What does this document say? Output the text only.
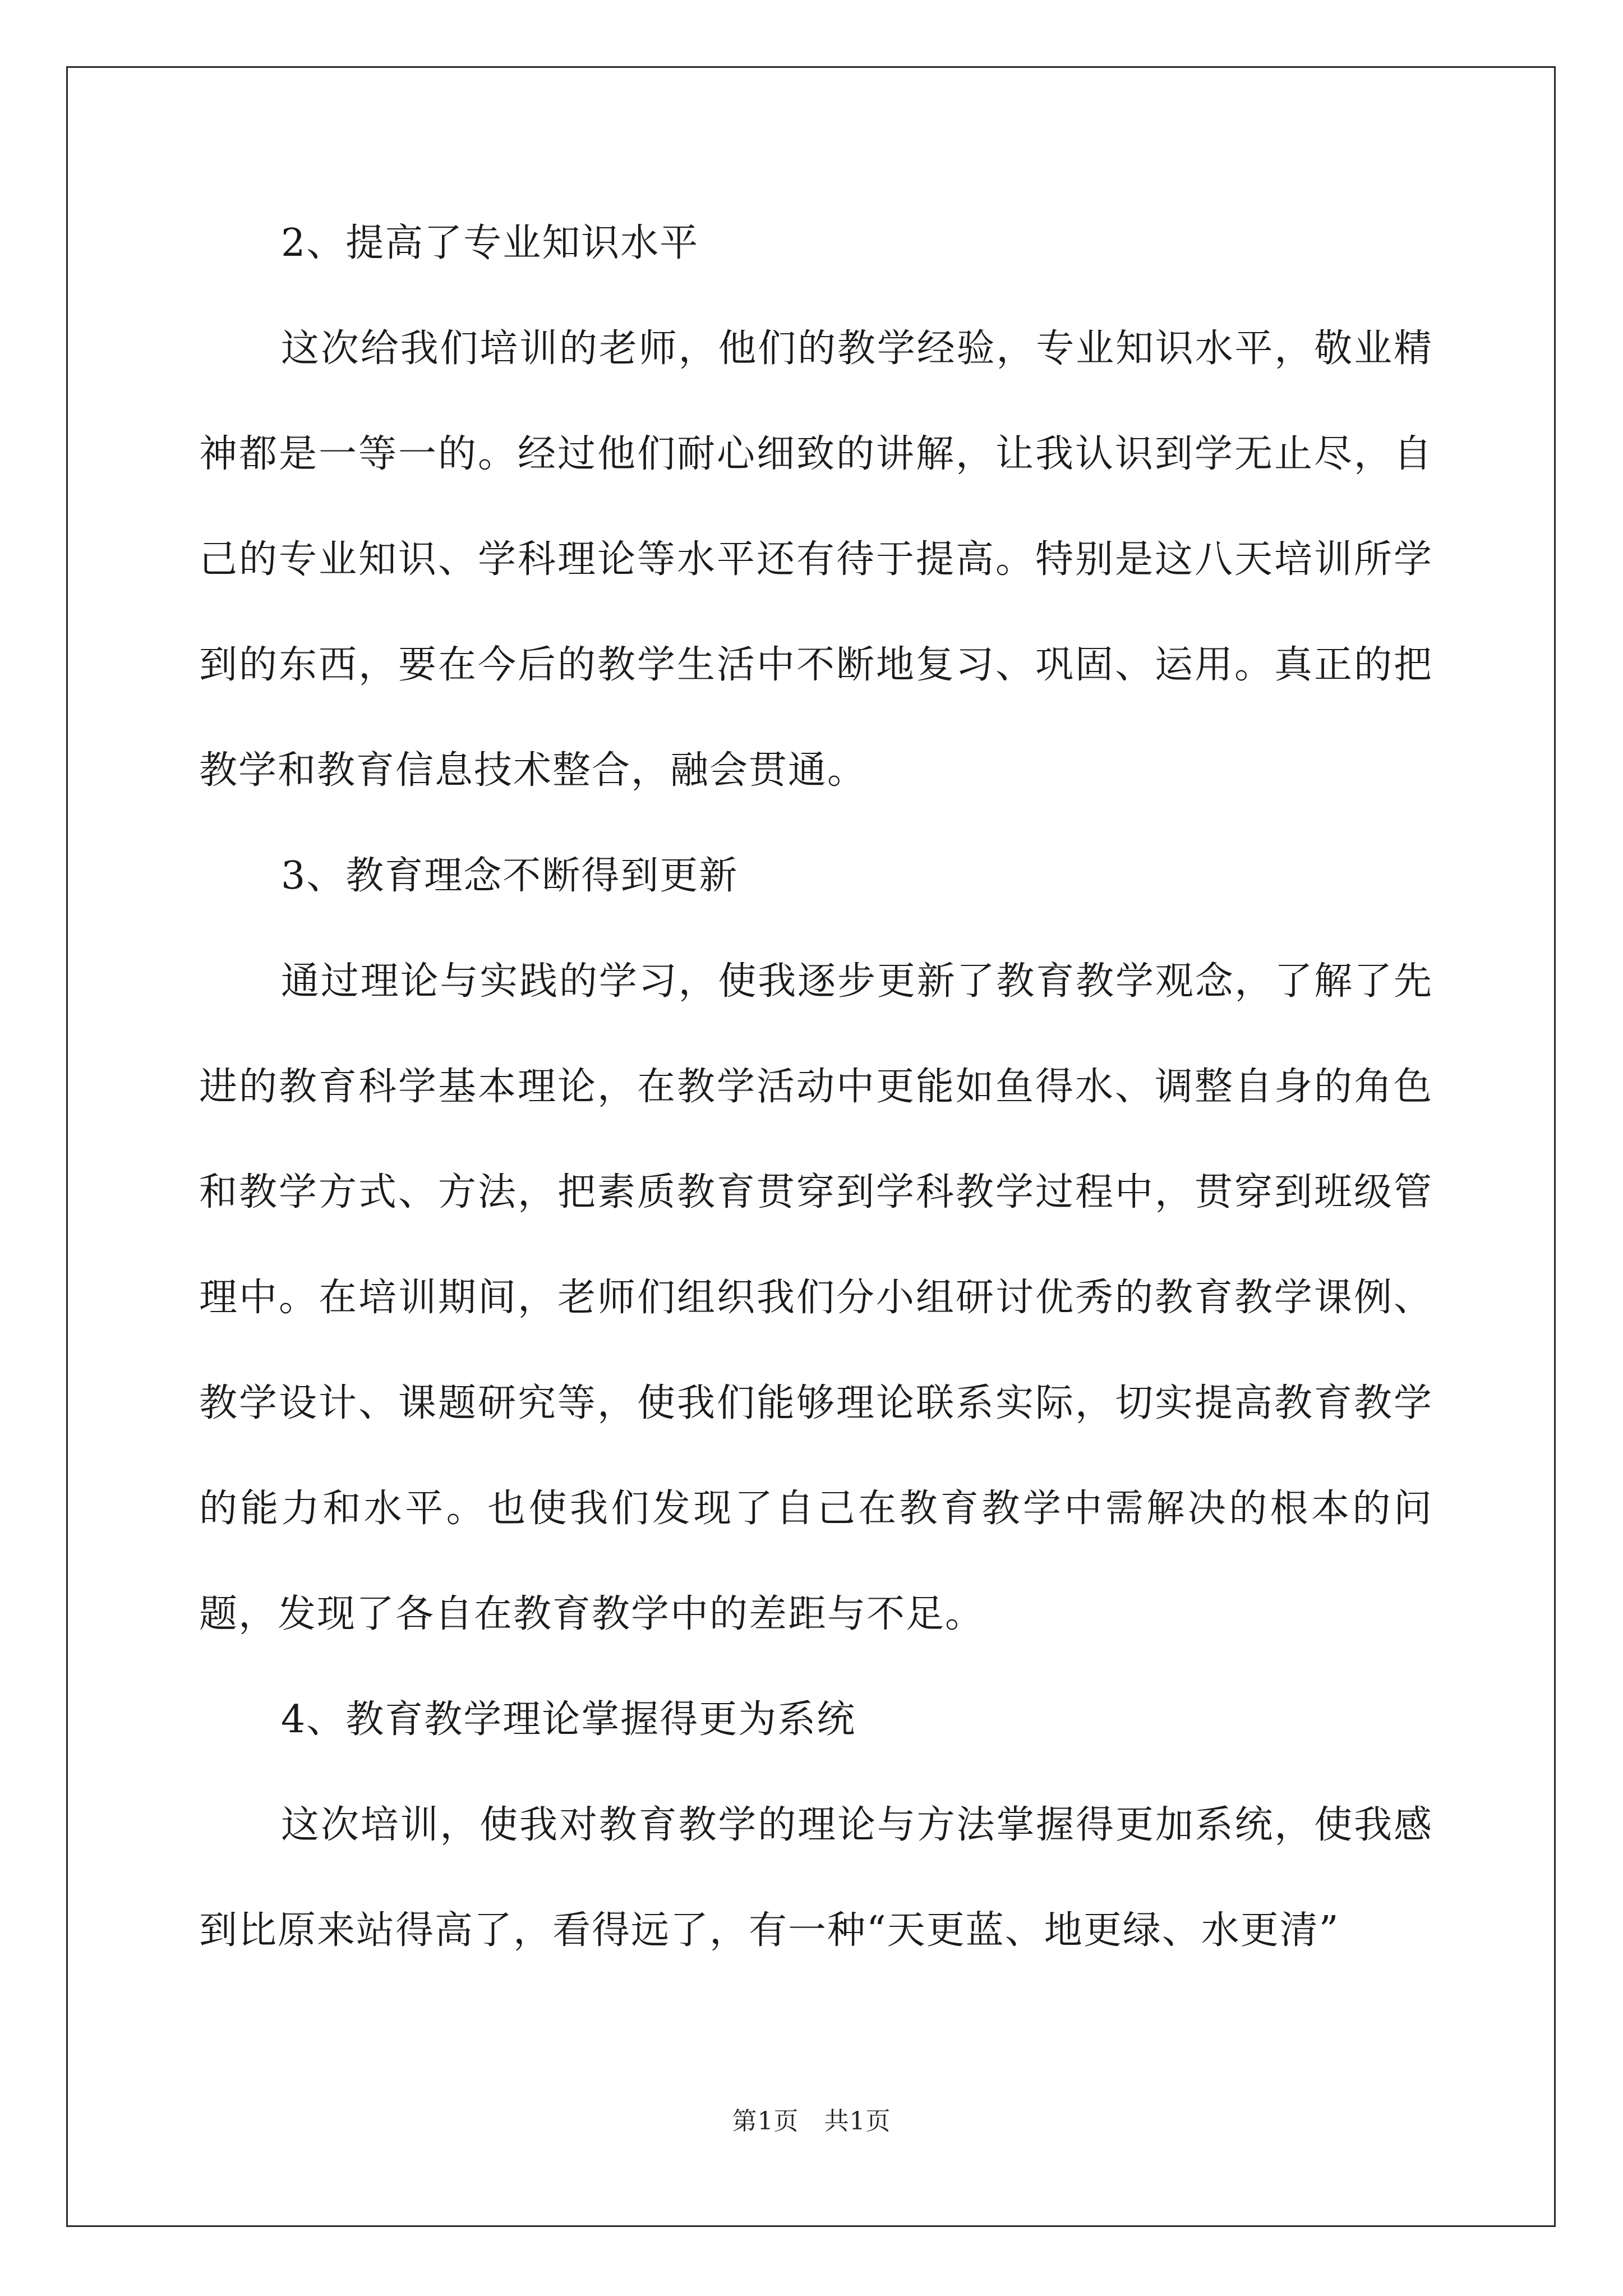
2、提高了专业知识水平

这次给我们培训的老师，他们的教学经验，专业知识水平，敬业精神都是一等一的。经过他们耐心细致的讲解，让我认识到学无止尽，自己的专业知识、学科理论等水平还有待于提高。特别是这八天培训所学到的东西，要在今后的教学生活中不断地复习、巩固、运用。真正的把教学和教育信息技术整合，融会贯通。

3、教育理念不断得到更新

通过理论与实践的学习，使我逐步更新了教育教学观念，了解了先进的教育科学基本理论，在教学活动中更能如鱼得水、调整自身的角色和教学方式、方法，把素质教育贯穿到学科教学过程中，贯穿到班级管理中。在培训期间，老师们组织我们分小组研讨优秀的教育教学课例、教学设计、课题研究等，使我们能够理论联系实际，切实提高教育教学的能力和水平。也使我们发现了自己在教育教学中需解决的根本的问题，发现了各自在教育教学中的差距与不足。

4、教育教学理论掌握得更为系统

这次培训，使我对教育教学的理论与方法掌握得更加系统，使我感到比原来站得高了，看得远了，有一种“天更蓝、地更绿、水更清”

第1页　共1页
